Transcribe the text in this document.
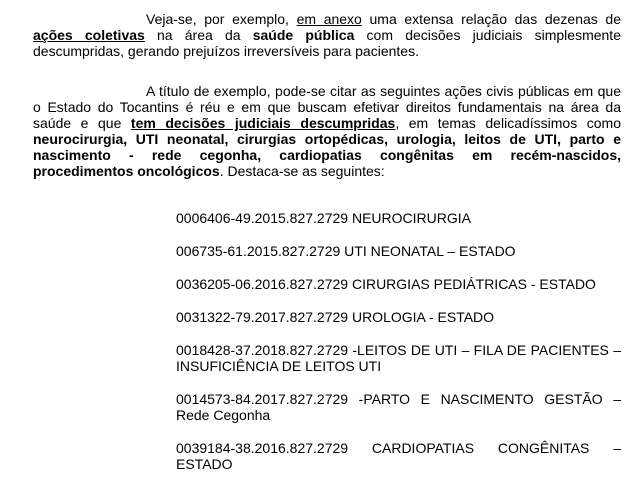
Veja-se, por exemplo, em anexo uma extensa relação das dezenas de ações coletivas na área da saúde pública com decisões judiciais simplesmente descumpridas, gerando prejuízos irreversíveis para pacientes.

A título de exemplo, pode-se citar as seguintes ações civis públicas em que o Estado do Tocantins é réu e em que buscam efetivar direitos fundamentais na área da saúde e que tem decisões judiciais descumpridas, em temas delicadíssimos como neurocirurgia, UTI neonatal, cirurgias ortopédicas, urologia, leitos de UTI, parto e nascimento - rede cegonha, cardiopatias congênitas em recém-nascidos, procedimentos oncológicos. Destaca-se as seguintes:

0006406-49.2015.827.2729 NEUROCIRURGIA
006735-61.2015.827.2729 UTI NEONATAL – ESTADO
0036205-06.2016.827.2729 CIRURGIAS PEDIÁTRICAS - ESTADO
0031322-79.2017.827.2729 UROLOGIA - ESTADO
0018428-37.2018.827.2729 -LEITOS DE UTI – FILA DE PACIENTES – INSUFICIÊNCIA DE LEITOS UTI
0014573-84.2017.827.2729 -PARTO E NASCIMENTO GESTÃO – Rede Cegonha
0039184-38.2016.827.2729 CARDIOPATIAS CONGÊNITAS – ESTADO
